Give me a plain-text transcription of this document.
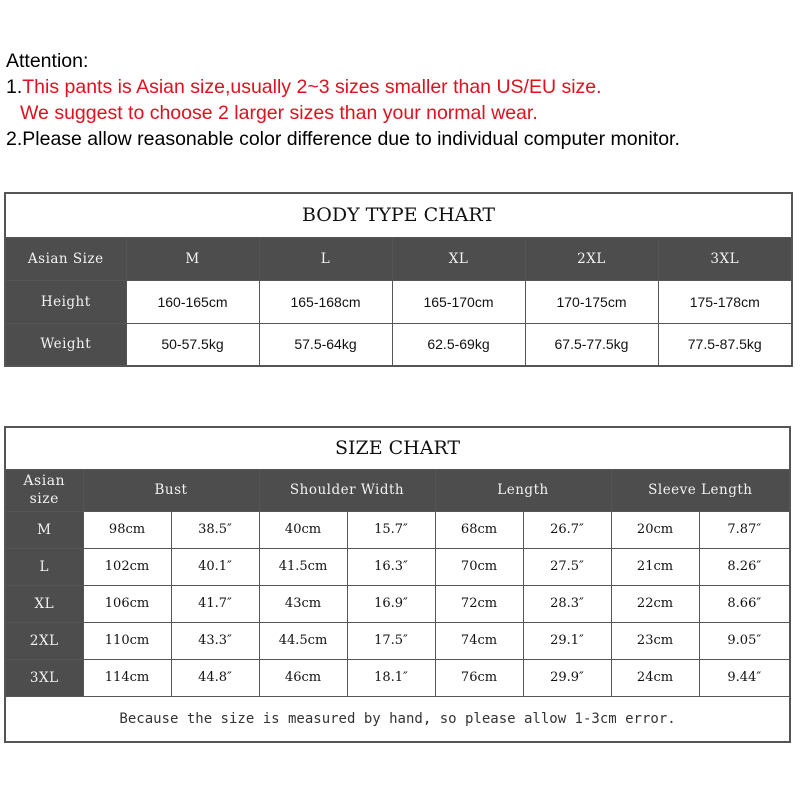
Attention:
1.This pants is Asian size,usually 2~3 sizes smaller than US/EU size.
We suggest to choose 2 larger sizes than your normal wear.
2.Please allow reasonable color difference due to individual computer monitor.
BODY TYPE CHART					
Asian Size	M	L	XL	2XL	3XL
Height	160-165cm	165-168cm	165-170cm	170-175cm	175-178cm
Weight	50-57.5kg	57.5-64kg	62.5-69kg	67.5-77.5kg	77.5-87.5kg
SIZE CHART								
Asian
size	Bust		Shoulder Width		Length		Sleeve Length	
M	98cm	38.5″	40cm	15.7″	68cm	26.7″	20cm	7.87″
L	102cm	40.1″	41.5cm	16.3″	70cm	27.5″	21cm	8.26″
XL	106cm	41.7″	43cm	16.9″	72cm	28.3″	22cm	8.66″
2XL	110cm	43.3″	44.5cm	17.5″	74cm	29.1″	23cm	9.05″
3XL	114cm	44.8″	46cm	18.1″	76cm	29.9″	24cm	9.44″
Because the size is measured by hand, so please allow 1-3cm error.								
